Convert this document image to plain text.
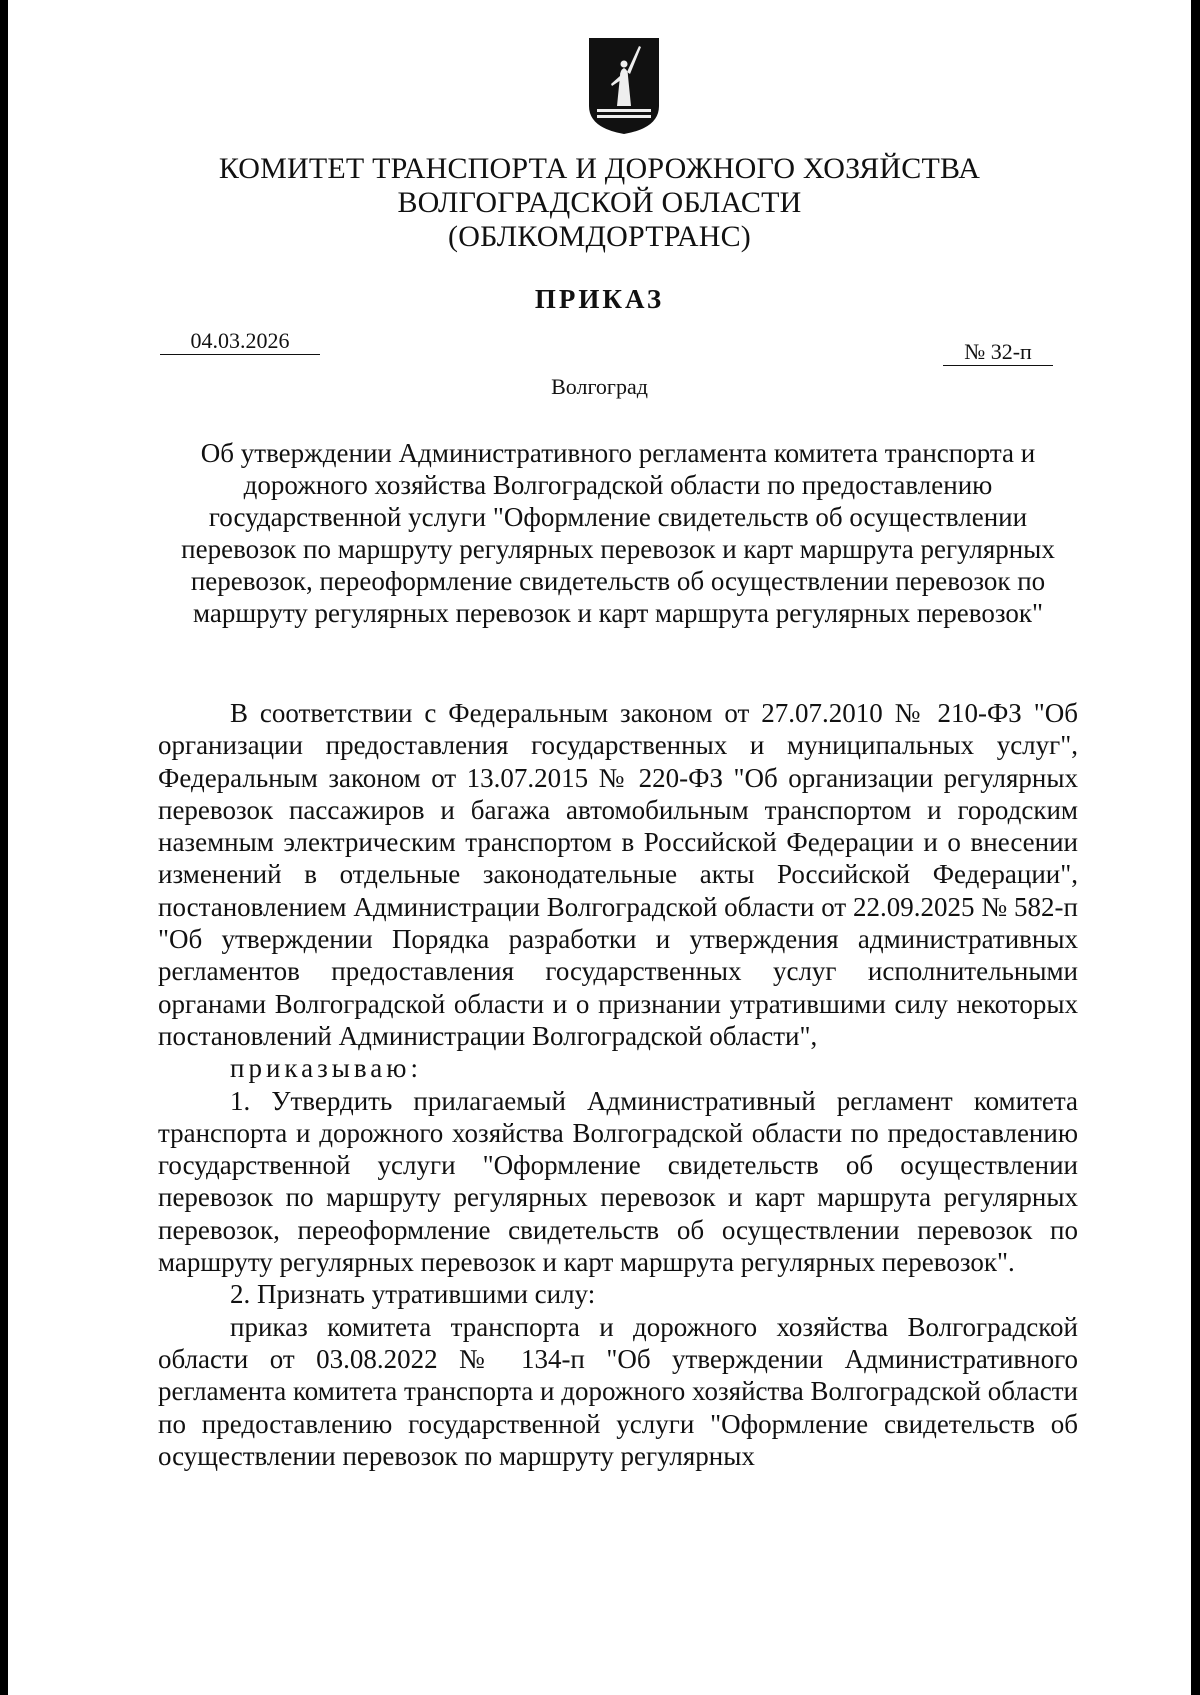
КОМИТЕТ ТРАНСПОРТА И ДОРОЖНОГО ХОЗЯЙСТВА
ВОЛГОГРАДСКОЙ ОБЛАСТИ
(ОБЛКОМДОРТРАНС)
ПРИКАЗ
04.03.2026	№ 32-п
Волгоград
Об утверждении Административного регламента комитета транспорта и дорожного хозяйства Волгоградской области по предоставлению государственной услуги "Оформление свидетельств об осуществлении перевозок по маршруту регулярных перевозок и карт маршрута регулярных перевозок, переоформление свидетельств об осуществлении перевозок по маршруту регулярных перевозок и карт маршрута регулярных перевозок"

В соответствии с Федеральным законом от 27.07.2010 № 210-ФЗ "Об организации предоставления государственных и муниципальных услуг", Федеральным законом от 13.07.2015 № 220-ФЗ "Об организации регулярных перевозок пассажиров и багажа автомобильным транспортом и городским наземным электрическим транспортом в Российской Федерации и о внесении изменений в отдельные законодательные акты Российской Федерации", постановлением Администрации Волгоградской области от 22.09.2025 № 582-п "Об утверждении Порядка разработки и утверждения административных регламентов предоставления государственных услуг исполнительными органами Волгоградской области и о признании утратившими силу некоторых постановлений Администрации Волгоградской области",

приказываю:

1. Утвердить прилагаемый Административный регламент комитета транспорта и дорожного хозяйства Волгоградской области по предоставлению государственной услуги "Оформление свидетельств об осуществлении перевозок по маршруту регулярных перевозок и карт маршрута регулярных перевозок, переоформление свидетельств об осуществлении перевозок по маршруту регулярных перевозок и карт маршрута регулярных перевозок".

2. Признать утратившими силу:

приказ комитета транспорта и дорожного хозяйства Волгоградской области от 03.08.2022 № 134-п "Об утверждении Административного регламента комитета транспорта и дорожного хозяйства Волгоградской области по предоставлению государственной услуги "Оформление свидетельств об осуществлении перевозок по маршруту регулярных
